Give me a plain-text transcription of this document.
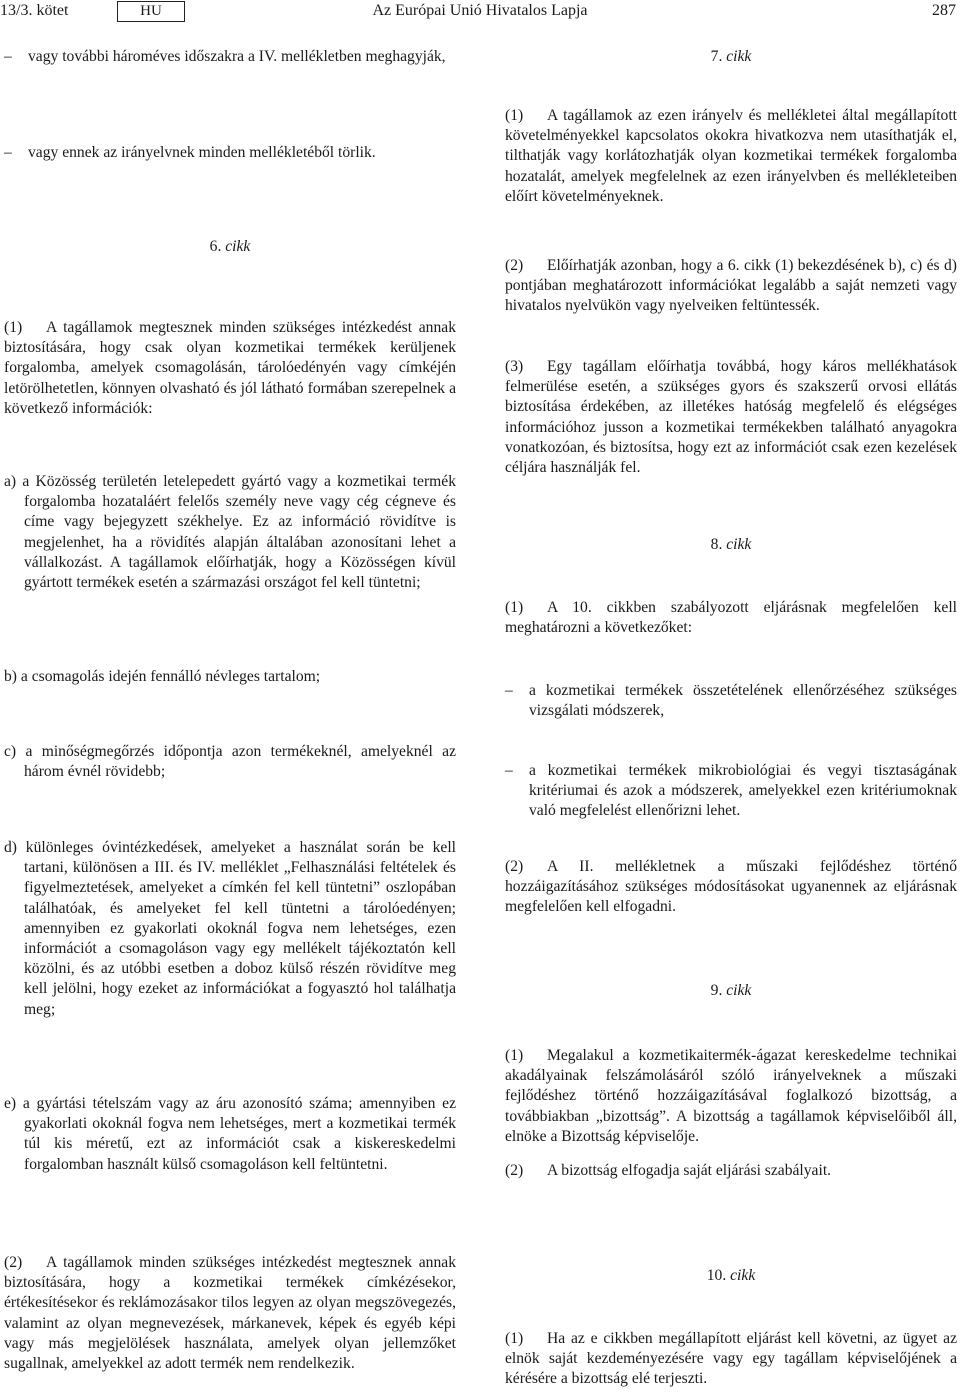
13/3. kötet	HU	Az Európai Unió Hivatalos Lapja	287

– vagy további hároméves időszakra a IV. mellékletben meghagyják,

– vagy ennek az irányelvnek minden mellékletéből törlik.

6. cikk

(1) A tagállamok megtesznek minden szükséges intézkedést annak biztosítására, hogy csak olyan kozmetikai termékek kerüljenek forgalomba, amelyek csomagolásán, tárolóedényén vagy címkéjén letörölhetetlen, könnyen olvasható és jól látható formában szerepelnek a következő információk:

a) a Közösség területén letelepedett gyártó vagy a kozmetikai termék forgalomba hozataláért felelős személy neve vagy cég cégneve és címe vagy bejegyzett székhelye. Ez az információ rövidítve is megjelenhet, ha a rövidítés alapján általában azonosítani lehet a vállalkozást. A tagállamok előírhatják, hogy a Közösségen kívül gyártott termékek esetén a származási országot fel kell tüntetni;

b) a csomagolás idején fennálló névleges tartalom;

c) a minőségmegőrzés időpontja azon termékeknél, amelyeknél az három évnél rövidebb;

d) különleges óvintézkedések, amelyeket a használat során be kell tartani, különösen a III. és IV. melléklet „Felhasználási feltételek és figyelmeztetések, amelyeket a címkén fel kell tüntetni” oszlopában találhatóak, és amelyeket fel kell tüntetni a tárolóedényen; amennyiben ez gyakorlati okoknál fogva nem lehetséges, ezen információt a csomagoláson vagy egy mellékelt tájékoztatón kell közölni, és az utóbbi esetben a doboz külső részén rövidítve meg kell jelölni, hogy ezeket az információkat a fogyasztó hol találhatja meg;

e) a gyártási tételszám vagy az áru azonosító száma; amennyiben ez gyakorlati okoknál fogva nem lehetséges, mert a kozmetikai termék túl kis méretű, ezt az információt csak a kiskereskedelmi forgalomban használt külső csomagoláson kell feltüntetni.

(2) A tagállamok minden szükséges intézkedést megtesznek annak biztosítására, hogy a kozmetikai termékek címkézésekor, értékesítésekor és reklámozásakor tilos legyen az olyan megszövegezés, valamint az olyan megnevezések, márkanevek, képek és egyéb képi vagy más megjelölések használata, amelyek olyan jellemzőket sugallnak, amelyekkel az adott termék nem rendelkezik.

7. cikk

(1) A tagállamok az ezen irányelv és mellékletei által megállapított követelményekkel kapcsolatos okokra hivatkozva nem utasíthatják el, tilthatják vagy korlátozhatják olyan kozmetikai termékek forgalomba hozatalát, amelyek megfelelnek az ezen irányelvben és mellékleteiben előírt követelményeknek.

(2) Előírhatják azonban, hogy a 6. cikk (1) bekezdésének b), c) és d) pontjában meghatározott információkat legalább a saját nemzeti vagy hivatalos nyelvükön vagy nyelveiken feltüntessék.

(3) Egy tagállam előírhatja továbbá, hogy káros mellékhatások felmerülése esetén, a szükséges gyors és szakszerű orvosi ellátás biztosítása érdekében, az illetékes hatóság megfelelő és elégséges információhoz jusson a kozmetikai termékekben található anyagokra vonatkozóan, és biztosítsa, hogy ezt az információt csak ezen kezelések céljára használják fel.

8. cikk

(1) A 10. cikkben szabályozott eljárásnak megfelelően kell meghatározni a következőket:

– a kozmetikai termékek összetételének ellenőrzéséhez szükséges vizsgálati módszerek,

– a kozmetikai termékek mikrobiológiai és vegyi tisztaságának kritériumai és azok a módszerek, amelyekkel ezen kritériumoknak való megfelelést ellenőrizni lehet.

(2) A II. mellékletnek a műszaki fejlődéshez történő hozzáigazításához szükséges módosításokat ugyanennek az eljárásnak megfelelően kell elfogadni.

9. cikk

(1) Megalakul a kozmetikaitermék-ágazat kereskedelme technikai akadályainak felszámolásáról szóló irányelveknek a műszaki fejlődéshez történő hozzáigazításával foglalkozó bizottság, a továbbiakban „bizottság”. A bizottság a tagállamok képviselőiből áll, elnöke a Bizottság képviselője.

(2) A bizottság elfogadja saját eljárási szabályait.

10. cikk

(1) Ha az e cikkben megállapított eljárást kell követni, az ügyet az elnök saját kezdeményezésére vagy egy tagállam képviselőjének a kérésére a bizottság elé terjeszti.
